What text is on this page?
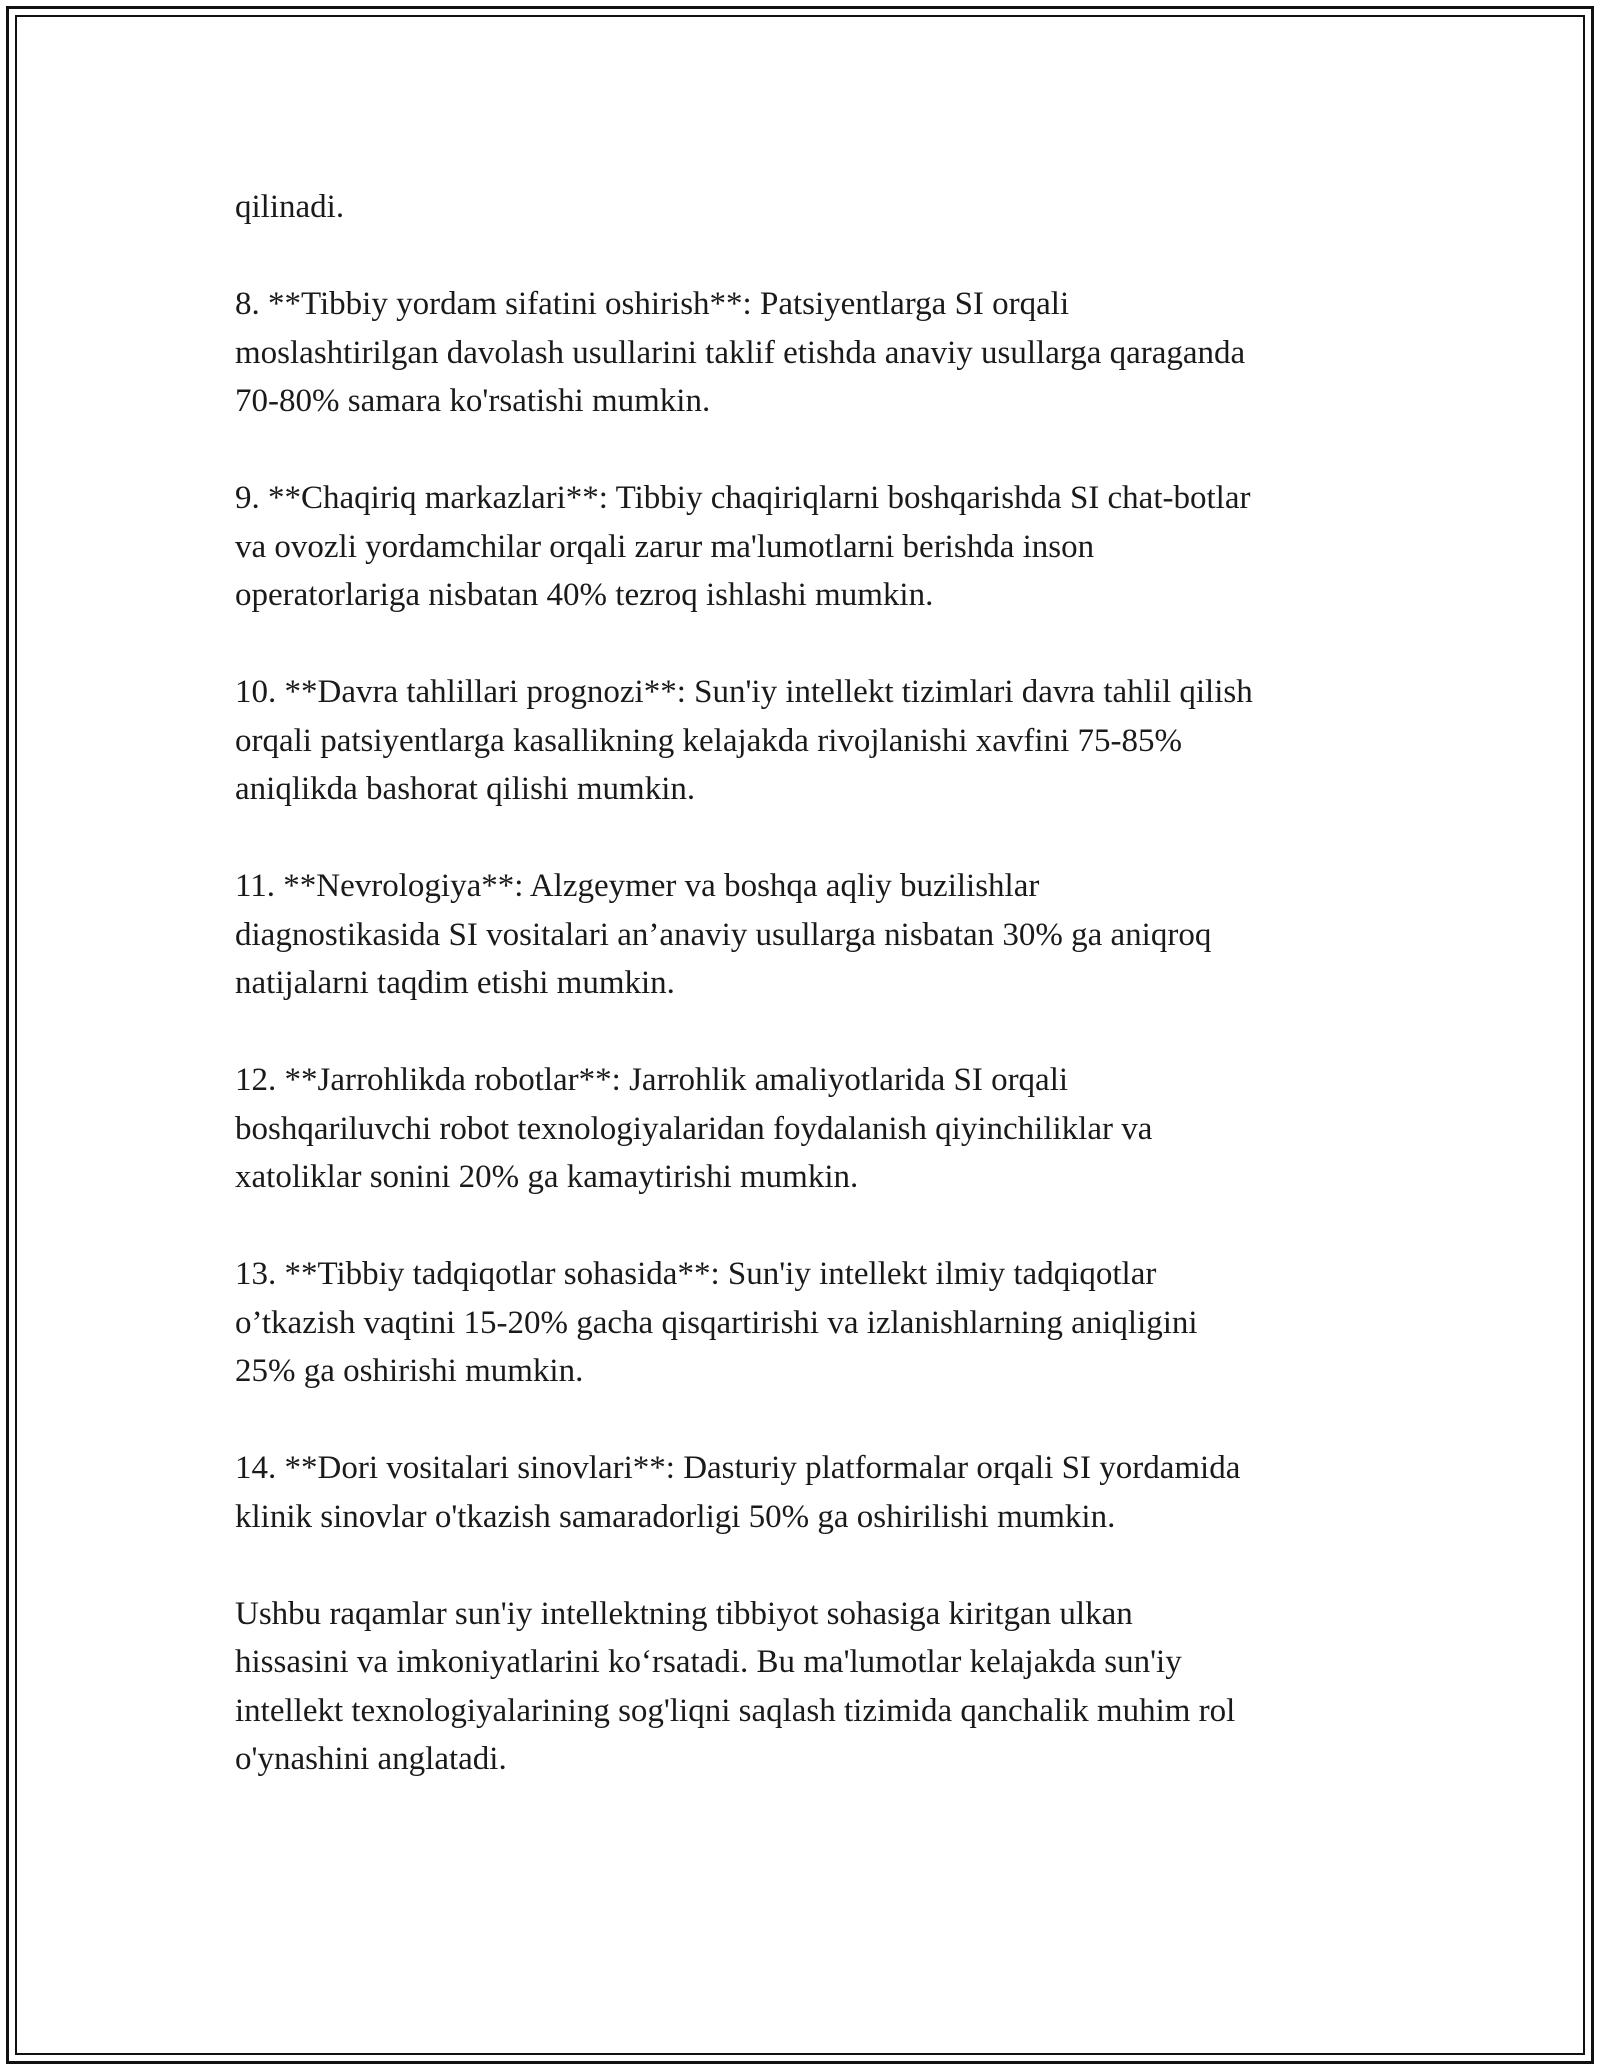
qilinadi.

8. **Tibbiy yordam sifatini oshirish**: Patsiyentlarga SI orqali
moslashtirilgan davolash usullarini taklif etishda anaviy usullarga qaraganda
70-80% samara ko'rsatishi mumkin.

9. **Chaqiriq markazlari**: Tibbiy chaqiriqlarni boshqarishda SI chat-botlar
va ovozli yordamchilar orqali zarur ma'lumotlarni berishda inson
operatorlariga nisbatan 40% tezroq ishlashi mumkin.

10. **Davra tahlillari prognozi**: Sun'iy intellekt tizimlari davra tahlil qilish
orqali patsiyentlarga kasallikning kelajakda rivojlanishi xavfini 75-85%
aniqlikda bashorat qilishi mumkin.

11. **Nevrologiya**: Alzgeymer va boshqa aqliy buzilishlar
diagnostikasida SI vositalari an’anaviy usullarga nisbatan 30% ga aniqroq
natijalarni taqdim etishi mumkin.

12. **Jarrohlikda robotlar**: Jarrohlik amaliyotlarida SI orqali
boshqariluvchi robot texnologiyalaridan foydalanish qiyinchiliklar va
xatoliklar sonini 20% ga kamaytirishi mumkin.

13. **Tibbiy tadqiqotlar sohasida**: Sun'iy intellekt ilmiy tadqiqotlar
o’tkazish vaqtini 15-20% gacha qisqartirishi va izlanishlarning aniqligini
25% ga oshirishi mumkin.

14. **Dori vositalari sinovlari**: Dasturiy platformalar orqali SI yordamida
klinik sinovlar o'tkazish samaradorligi 50% ga oshirilishi mumkin.

Ushbu raqamlar sun'iy intellektning tibbiyot sohasiga kiritgan ulkan
hissasini va imkoniyatlarini ko‘rsatadi. Bu ma'lumotlar kelajakda sun'iy
intellekt texnologiyalarining sog'liqni saqlash tizimida qanchalik muhim rol
o'ynashini anglatadi.
